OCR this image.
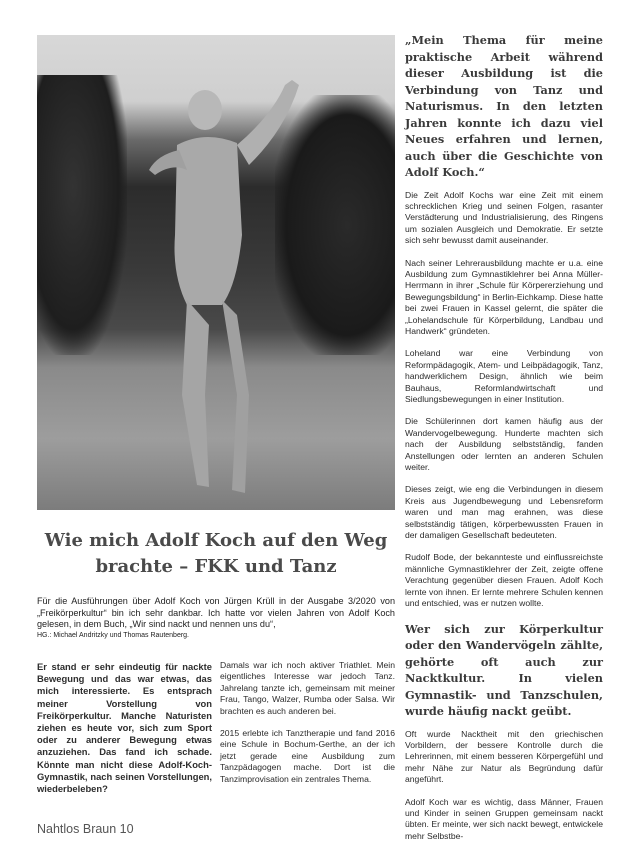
Wie mich Adolf Koch auf den Weg brachte – FKK und Tanz
Für die Ausführungen über Adolf Koch von Jürgen Krüll in der Ausgabe 3/2020 von „Freikörperkultur“ bin ich sehr dankbar. Ich hatte vor vielen Jahren von Adolf Koch gelesen, in dem Buch, „Wir sind nackt und nennen uns du“,
HG.: Michael Andritzky und Thomas Rautenberg.
Er stand er sehr eindeutig für nackte Bewegung und das war etwas, das mich interessierte. Es entsprach meiner Vorstellung von Freikörperkultur. Manche Naturisten ziehen es heute vor, sich zum Sport oder zu anderer Bewegung etwas anzuziehen. Das fand ich schade. Könnte man nicht diese Adolf-Koch-Gymnastik, nach seinen Vorstellungen, wiederbeleben?

Damals war ich noch aktiver Triathlet. Mein eigentliches Interesse war jedoch Tanz. Jahrelang tanzte ich, gemeinsam mit meiner Frau, Tango, Walzer, Rumba oder Salsa. Wir brachten es auch anderen bei.

2015 erlebte ich Tanztherapie und fand 2016 eine Schule in Bochum-Gerthe, an der ich jetzt gerade eine Ausbildung zum Tanzpädagogen mache. Dort ist die Tanzimprovisation ein zentrales Thema.

„Mein Thema für meine praktische Arbeit während dieser Ausbildung ist die Verbindung von Tanz und Naturismus. In den letzten Jahren konnte ich dazu viel Neues erfahren und lernen, auch über die Geschichte von Adolf Koch.“

Die Zeit Adolf Kochs war eine Zeit mit einem schrecklichen Krieg und seinen Folgen, rasanter Verstädterung und Industrialisierung, des Ringens um sozialen Ausgleich und Demokratie. Er setzte sich sehr bewusst damit auseinander.

Nach seiner Lehrerausbildung machte er u.a. eine Ausbildung zum Gymnastiklehrer bei Anna Müller-Herrmann in ihrer „Schule für Körpererziehung und Bewegungsbildung“ in Berlin-Eichkamp. Diese hatte bei zwei Frauen in Kassel gelernt, die später die „Lohelandschule für Körperbildung, Landbau und Handwerk“ gründeten.

Loheland war eine Verbindung von Reformpädagogik, Atem- und Leibpädagogik, Tanz, handwerklichem Design, ähnlich wie beim Bauhaus, Reformlandwirtschaft und Siedlungsbewegungen in einer Institution.

Die Schülerinnen dort kamen häufig aus der Wandervogelbewegung. Hunderte machten sich nach der Ausbildung selbstständig, fanden Anstellungen oder lernten an anderen Schulen weiter.

Dieses zeigt, wie eng die Verbindungen in diesem Kreis aus Jugendbewegung und Lebensreform waren und man mag erahnen, was diese selbstständig tätigen, körperbewussten Frauen in der damaligen Gesellschaft bedeuteten.

Rudolf Bode, der bekannteste und einflussreichste männliche Gymnastiklehrer der Zeit, zeigte offene Verachtung gegenüber diesen Frauen. Adolf Koch lernte von ihnen. Er lernte mehrere Schulen kennen und entschied, was er nutzen wollte.

Wer sich zur Körperkultur oder den Wandervögeln zählte, gehörte oft auch zur Nacktkultur. In vielen Gymnastik- und Tanzschulen, wurde häufig nackt geübt.

Oft wurde Nacktheit mit den griechischen Vorbildern, der bessere Kontrolle durch die Lehrerinnen, mit einem besseren Körpergefühl und mehr Nähe zur Natur als Begründung dafür angeführt.

Adolf Koch war es wichtig, dass Männer, Frauen und Kinder in seinen Gruppen gemeinsam nackt übten. Er meinte, wer sich nackt bewegt, entwickele mehr Selbstbe-

Nahtlos Braun 10
